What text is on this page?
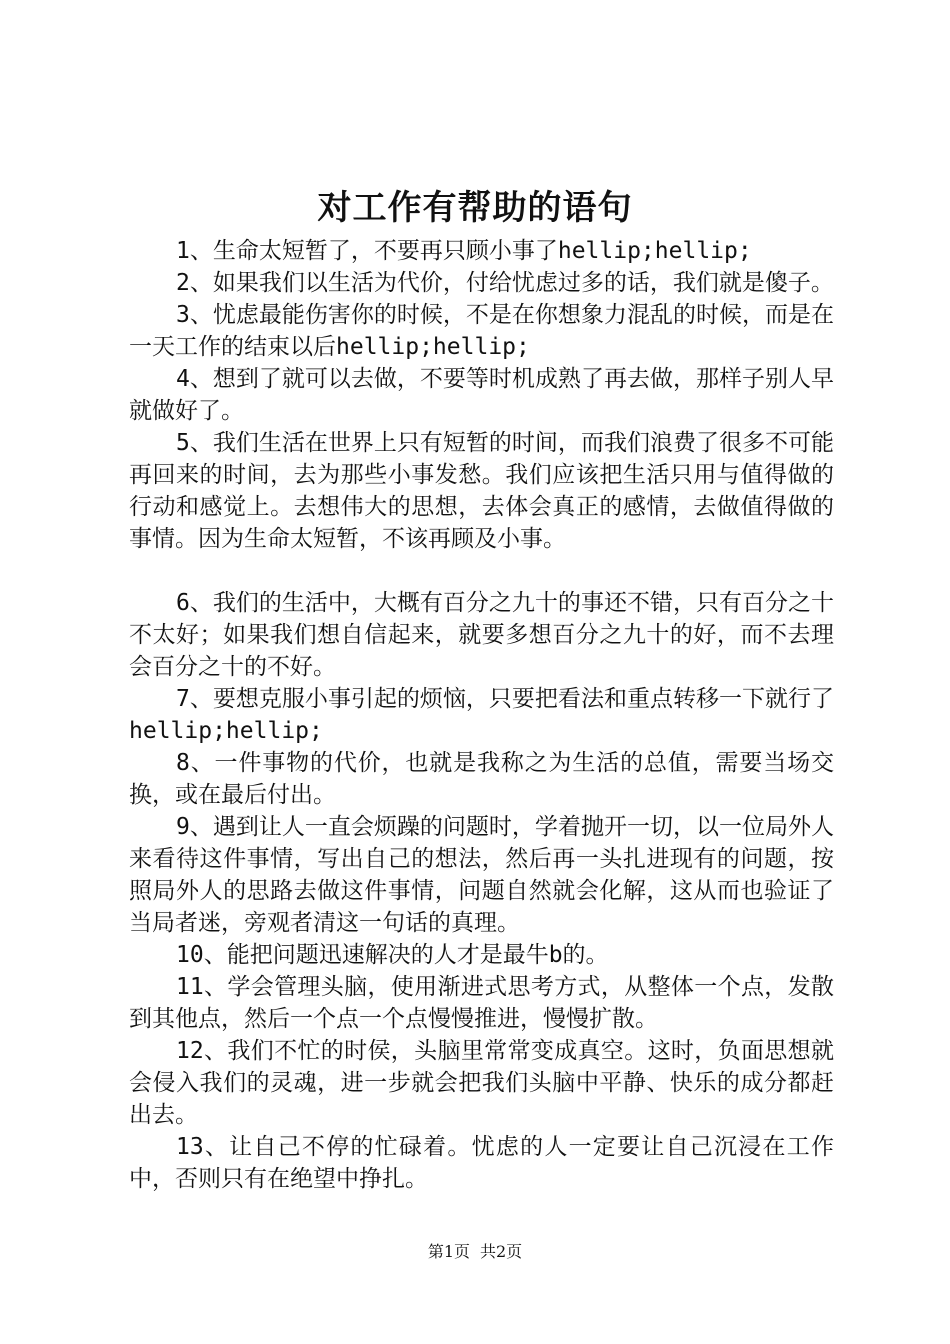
对工作有帮助的语句

1、生命太短暂了，不要再只顾小事了hellip;hellip;

2、如果我们以生活为代价，付给忧虑过多的话，我们就是傻子。

3、忧虑最能伤害你的时候，不是在你想象力混乱的时候，而是在一天工作的结束以后hellip;hellip;

4、想到了就可以去做，不要等时机成熟了再去做，那样子别人早就做好了。

5、我们生活在世界上只有短暂的时间，而我们浪费了很多不可能再回来的时间，去为那些小事发愁。我们应该把生活只用与值得做的行动和感觉上。去想伟大的思想，去体会真正的感情，去做值得做的事情。因为生命太短暂，不该再顾及小事。

6、我们的生活中，大概有百分之九十的事还不错，只有百分之十不太好；如果我们想自信起来，就要多想百分之九十的好，而不去理会百分之十的不好。

7、要想克服小事引起的烦恼，只要把看法和重点转移一下就行了hellip;hellip;

8、一件事物的代价，也就是我称之为生活的总值，需要当场交换，或在最后付出。

9、遇到让人一直会烦躁的问题时，学着抛开一切，以一位局外人来看待这件事情，写出自己的想法，然后再一头扎进现有的问题，按照局外人的思路去做这件事情，问题自然就会化解，这从而也验证了当局者迷，旁观者清这一句话的真理。

10、能把问题迅速解决的人才是最牛b的。

11、学会管理头脑，使用渐进式思考方式，从整体一个点，发散到其他点，然后一个点一个点慢慢推进，慢慢扩散。

12、我们不忙的时侯，头脑里常常变成真空。这时，负面思想就会侵入我们的灵魂，进一步就会把我们头脑中平静、快乐的成分都赶出去。

13、让自己不停的忙碌着。忧虑的人一定要让自己沉浸在工作中，否则只有在绝望中挣扎。

第1页 共2页
